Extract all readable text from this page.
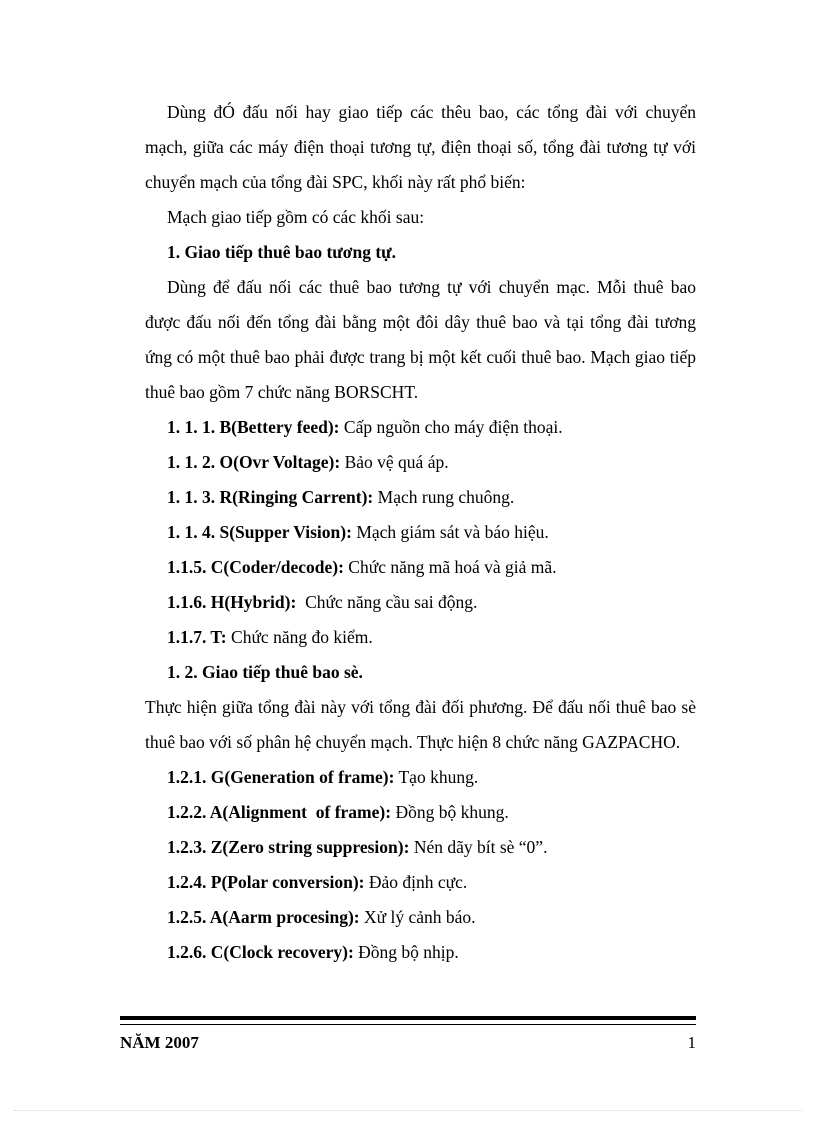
Dùng đÓ đấu nối hay giao tiếp các thêu bao, các tổng đài với chuyển mạch, giữa các máy điện thoại tương tự, điện thoại số, tổng đài tương tự với chuyển mạch của tổng đài SPC, khối này rất phổ biến:

Mạch giao tiếp gồm có các khối sau:

1. Giao tiếp thuê bao tương tự.

Dùng để đấu nối các thuê bao tương tự với chuyển mạc. Mỗi thuê bao được đấu nối đến tổng đài bằng một đôi dây thuê bao và tại tổng đài tương ứng có một thuê bao phải được trang bị một kết cuối thuê bao. Mạch giao tiếp thuê bao gồm 7 chức năng BORSCHT.

1. 1. 1. B(Bettery feed): Cấp nguồn cho máy điện thoại.

1. 1. 2. O(Ovr Voltage): Bảo vệ quá áp.

1. 1. 3. R(Ringing Carrent): Mạch rung chuông.

1. 1. 4. S(Supper Vision): Mạch giám sát và báo hiệu.

1.1.5. C(Coder/decode): Chức năng mã hoá và giả mã.

1.1.6. H(Hybrid):  Chức năng cầu sai động.

1.1.7. T: Chức năng đo kiểm.

1. 2. Giao tiếp thuê bao sè.

Thực hiện giữa tổng đài này với tổng đài đối phương. Để đấu nối thuê bao sè thuê bao với số phân hệ chuyển mạch. Thực hiện 8 chức năng GAZPACHO.

1.2.1. G(Generation of frame): Tạo khung.

1.2.2. A(Alignment  of frame): Đồng bộ khung.

1.2.3. Z(Zero string suppresion): Nén dãy bít sè “0”.

1.2.4. P(Polar conversion): Đảo định cực.

1.2.5. A(Aarm procesing): Xử lý cảnh báo.

1.2.6. C(Clock recovery): Đồng bộ nhịp.

NĂM 2007	1
